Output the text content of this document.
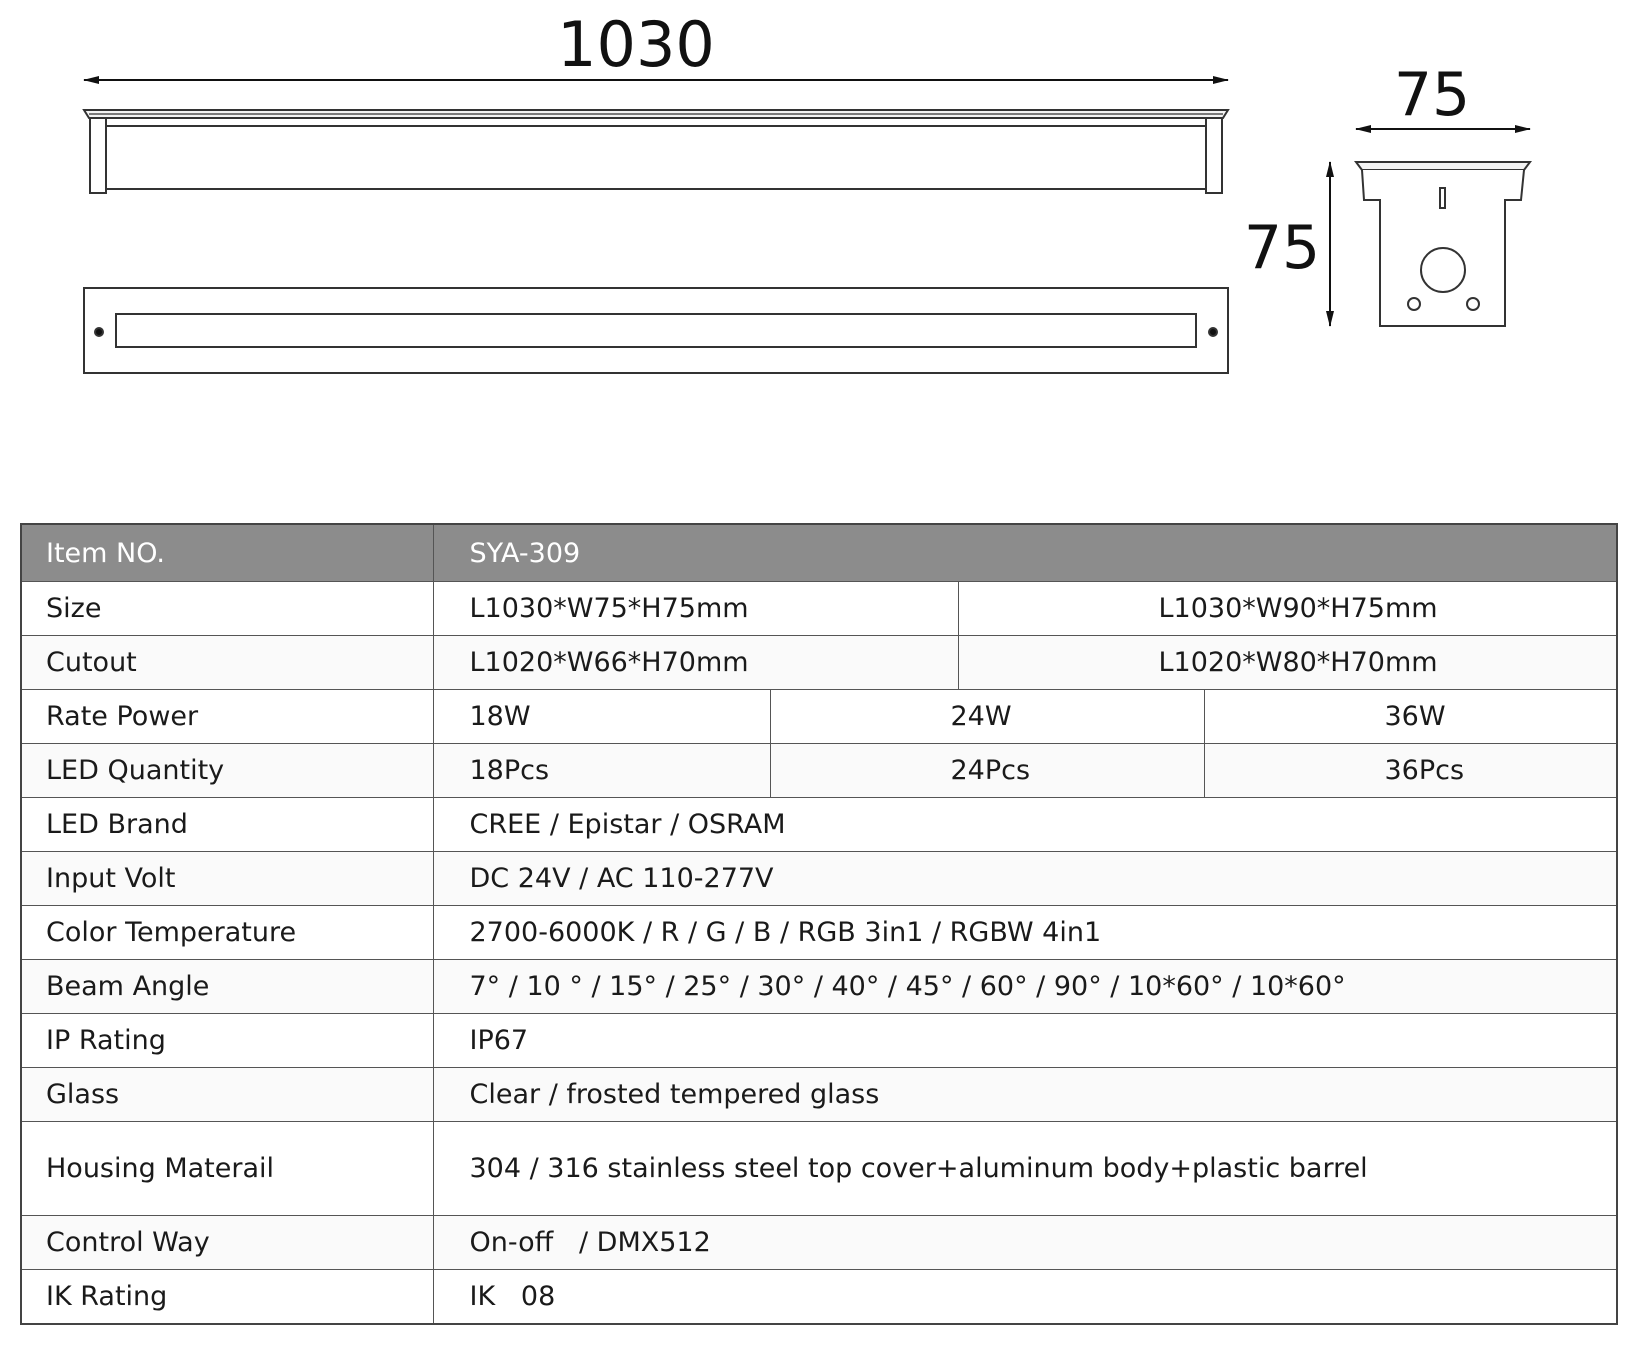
1030
75
75
Item NO.	SYA-309			
Size	L1030*W75*H75mm		L1030*W90*H75mm	
Cutout	L1020*W66*H70mm		L1020*W80*H70mm	
Rate Power	18W	24W		36W
LED Quantity	18Pcs	24Pcs		36Pcs
LED Brand	CREE / Epistar / OSRAM			
Input Volt	DC 24V / AC 110-277V			
Color Temperature	2700-6000K / R / G / B / RGB 3in1 / RGBW 4in1			
Beam Angle	7° / 10 ° / 15° / 25° / 30° / 40° / 45° / 60° / 90° / 10*60° / 10*60°			
IP Rating	IP67			
Glass	Clear / frosted tempered glass			
Housing Materail	304 / 316 stainless steel top cover+aluminum body+plastic barrel			
Control Way	On-off   / DMX512			
IK Rating	IK   08			
